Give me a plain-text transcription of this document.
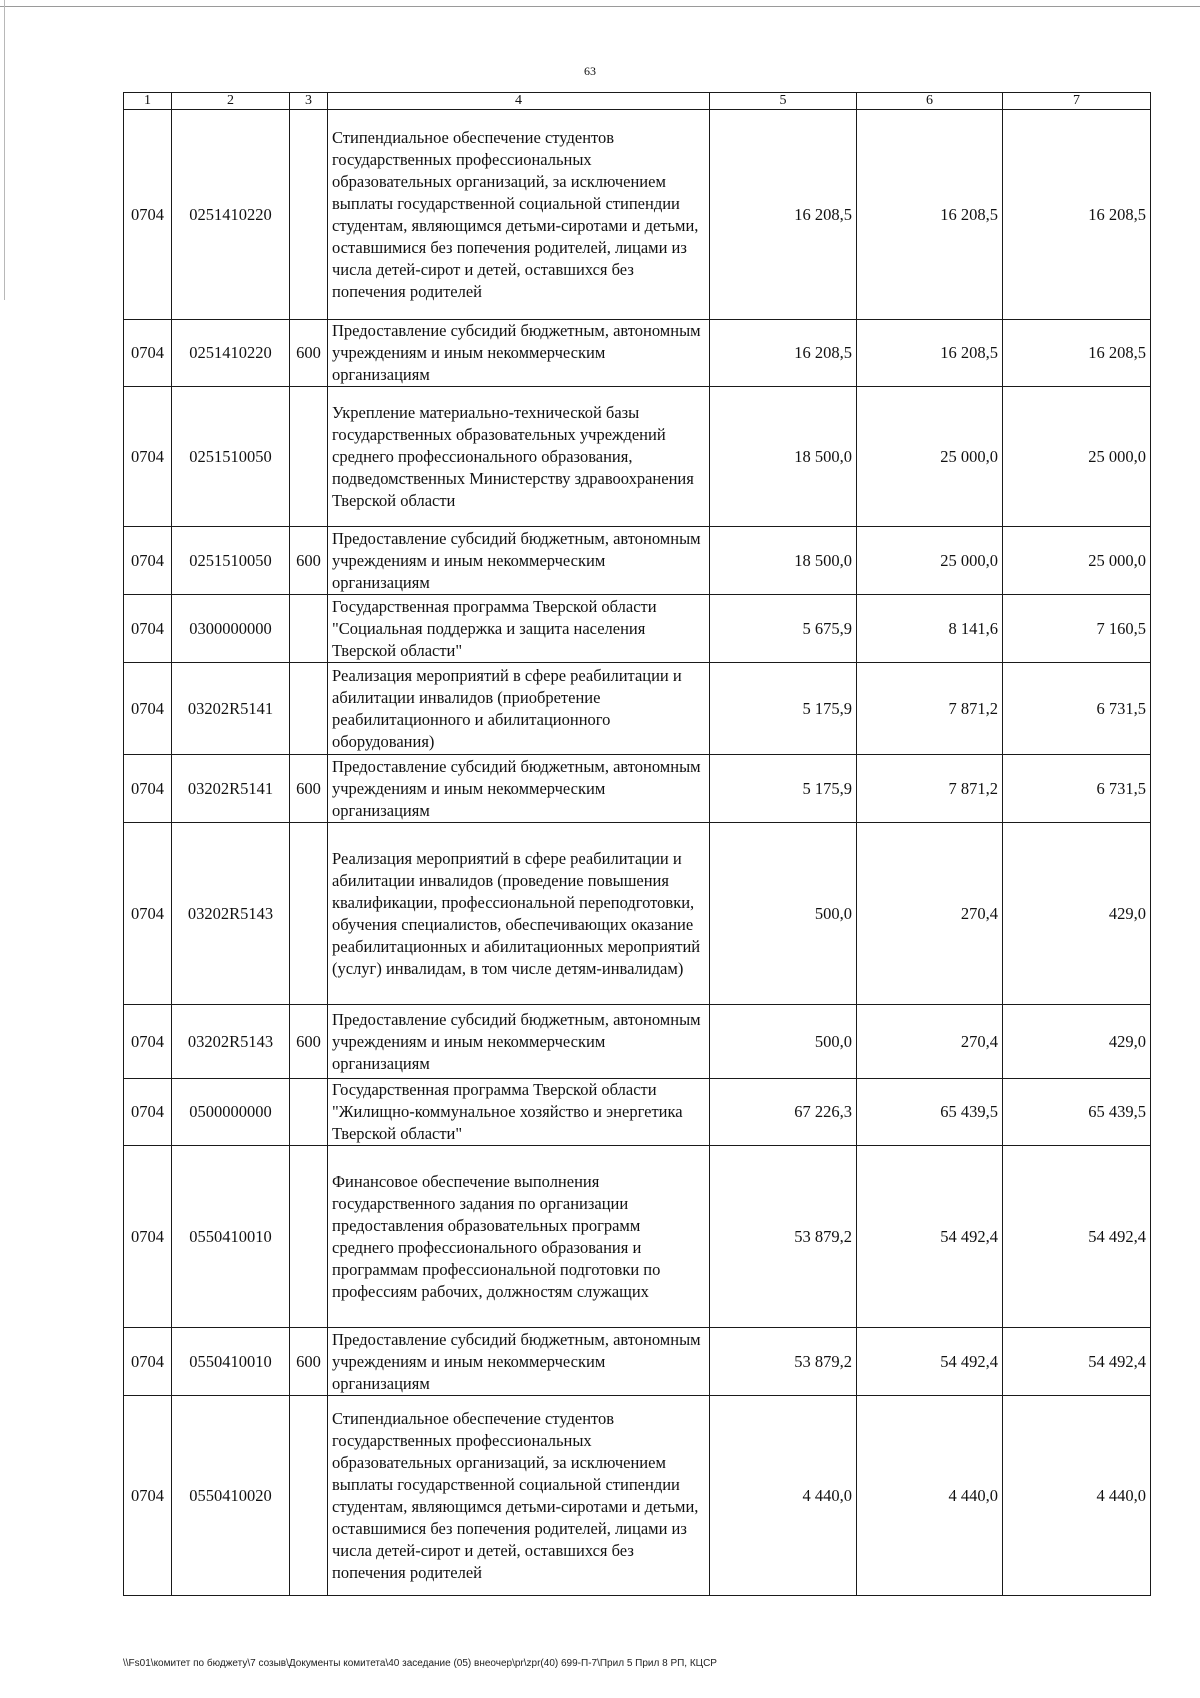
63
1	2	3	4	5	6	7
0704	0251410220		Стипендиальное обеспечение студентов государственных профессиональных образовательных организаций, за исключением выплаты государственной социальной стипендии студентам, являющимся детьми-сиротами и детьми, оставшимися без попечения родителей, лицами из числа детей-сирот и детей, оставшихся без попечения родителей	16 208,5	16 208,5	16 208,5
0704	0251410220	600	Предоставление субсидий бюджетным, автономным учреждениям и иным некоммерческим организациям	16 208,5	16 208,5	16 208,5
0704	0251510050		Укрепление материально-технической базы государственных образовательных учреждений среднего профессионального образования, подведомственных Министерству здравоохранения Тверской области	18 500,0	25 000,0	25 000,0
0704	0251510050	600	Предоставление субсидий бюджетным, автономным учреждениям и иным некоммерческим организациям	18 500,0	25 000,0	25 000,0
0704	0300000000		Государственная программа Тверской области "Социальная поддержка и защита населения Тверской области"	5 675,9	8 141,6	7 160,5
0704	03202R5141		Реализация мероприятий в сфере реабилитации и абилитации инвалидов (приобретение реабилитационного и абилитационного оборудования)	5 175,9	7 871,2	6 731,5
0704	03202R5141	600	Предоставление субсидий бюджетным, автономным учреждениям и иным некоммерческим организациям	5 175,9	7 871,2	6 731,5
0704	03202R5143		Реализация мероприятий в сфере реабилитации и абилитации инвалидов (проведение повышения квалификации, профессиональной переподготовки, обучения специалистов, обеспечивающих оказание реабилитационных и абилитационных мероприятий (услуг) инвалидам, в том числе детям-инвалидам)	500,0	270,4	429,0
0704	03202R5143	600	Предоставление субсидий бюджетным, автономным учреждениям и иным некоммерческим организациям	500,0	270,4	429,0
0704	0500000000		Государственная программа Тверской области "Жилищно-коммунальное хозяйство и энергетика Тверской области"	67 226,3	65 439,5	65 439,5
0704	0550410010		Финансовое обеспечение выполнения государственного задания по организации предоставления образовательных программ среднего профессионального образования и программам профессиональной подготовки по профессиям рабочих, должностям служащих	53 879,2	54 492,4	54 492,4
0704	0550410010	600	Предоставление субсидий бюджетным, автономным учреждениям и иным некоммерческим организациям	53 879,2	54 492,4	54 492,4
0704	0550410020		Стипендиальное обеспечение студентов государственных профессиональных образовательных организаций, за исключением выплаты государственной социальной стипендии студентам, являющимся детьми-сиротами и детьми, оставшимися без попечения родителей, лицами из числа детей-сирот и детей, оставшихся без попечения родителей	4 440,0	4 440,0	4 440,0
\\Fs01\комитет по бюджету\7 созыв\Документы комитета\40 заседание (05) внеочер\pr\zpr(40) 699-П-7\Прил 5 Прил 8 РП, КЦСР
